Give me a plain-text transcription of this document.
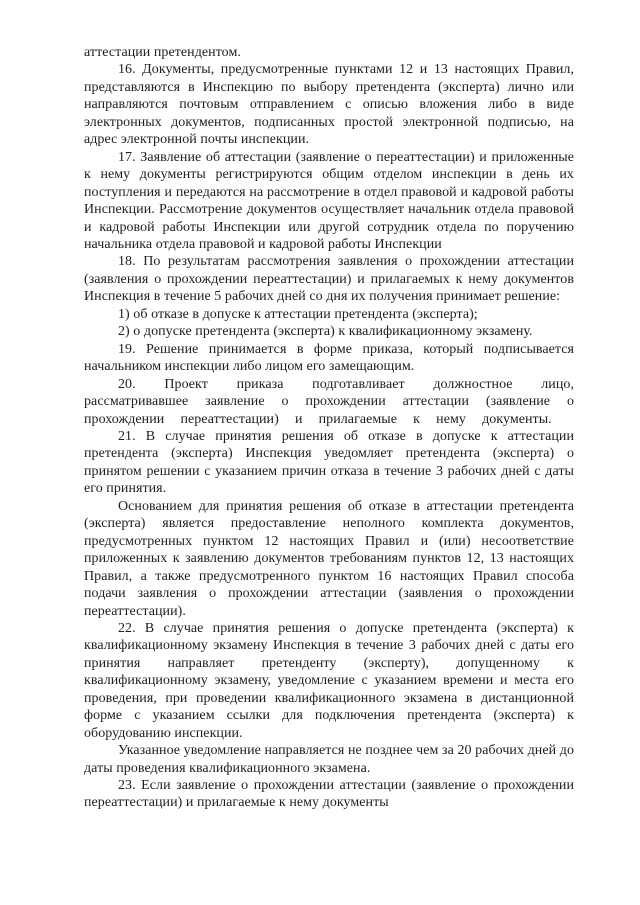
аттестации претендентом.

16. Документы, предусмотренные пунктами 12 и 13 настоящих Правил, представляются в Инспекцию по выбору претендента (эксперта) лично или направляются почтовым отправлением с описью вложения либо в виде электронных документов, подписанных простой электронной подписью, на адрес электронной почты инспекции.

17. Заявление об аттестации (заявление о переаттестации) и приложенные к нему документы регистрируются общим отделом инспекции в день их поступления и передаются на рассмотрение в отдел правовой и кадровой работы Инспекции. Рассмотрение документов осуществляет начальник отдела правовой и кадровой работы Инспекции или другой сотрудник отдела по поручению начальника отдела правовой и кадровой работы Инспекции

18. По результатам рассмотрения заявления о прохождении аттестации (заявления о прохождении переаттестации) и прилагаемых к нему документов Инспекция в течение 5 рабочих дней со дня их получения принимает решение:

1) об отказе в допуске к аттестации претендента (эксперта);

2) о допуске претендента (эксперта) к квалификационному экзамену.

19. Решение принимается в форме приказа, который подписывается начальником инспекции либо лицом его замещающим.

20. Проект приказа подготавливает должностное лицо, рассматривавшее заявление о прохождении аттестации (заявление о прохождении переаттестации) и прилагаемые к нему документы.

21. В случае принятия решения об отказе в допуске к аттестации претендента (эксперта) Инспекция уведомляет претендента (эксперта) о принятом решении с указанием причин отказа в течение 3 рабочих дней с даты его принятия.

Основанием для принятия решения об отказе в аттестации претендента (эксперта) является предоставление неполного комплекта документов, предусмотренных пунктом 12 настоящих Правил и (или) несоответствие приложенных к заявлению документов требованиям пунктов 12, 13 настоящих Правил, а также предусмотренного пунктом 16 настоящих Правил способа подачи заявления о прохождении аттестации (заявления о прохождении переаттестации).

22. В случае принятия решения о допуске претендента (эксперта) к квалификационному экзамену Инспекция в течение 3 рабочих дней с даты его принятия направляет претенденту (эксперту), допущенному к квалификационному экзамену, уведомление с указанием времени и места его проведения, при проведении квалификационного экзамена в дистанционной форме с указанием ссылки для подключения претендента (эксперта) к оборудованию инспекции.

Указанное уведомление направляется не позднее чем за 20 рабочих дней до даты проведения квалификационного экзамена.

23. Если заявление о прохождении аттестации (заявление о прохождении переаттестации) и прилагаемые к нему документы
